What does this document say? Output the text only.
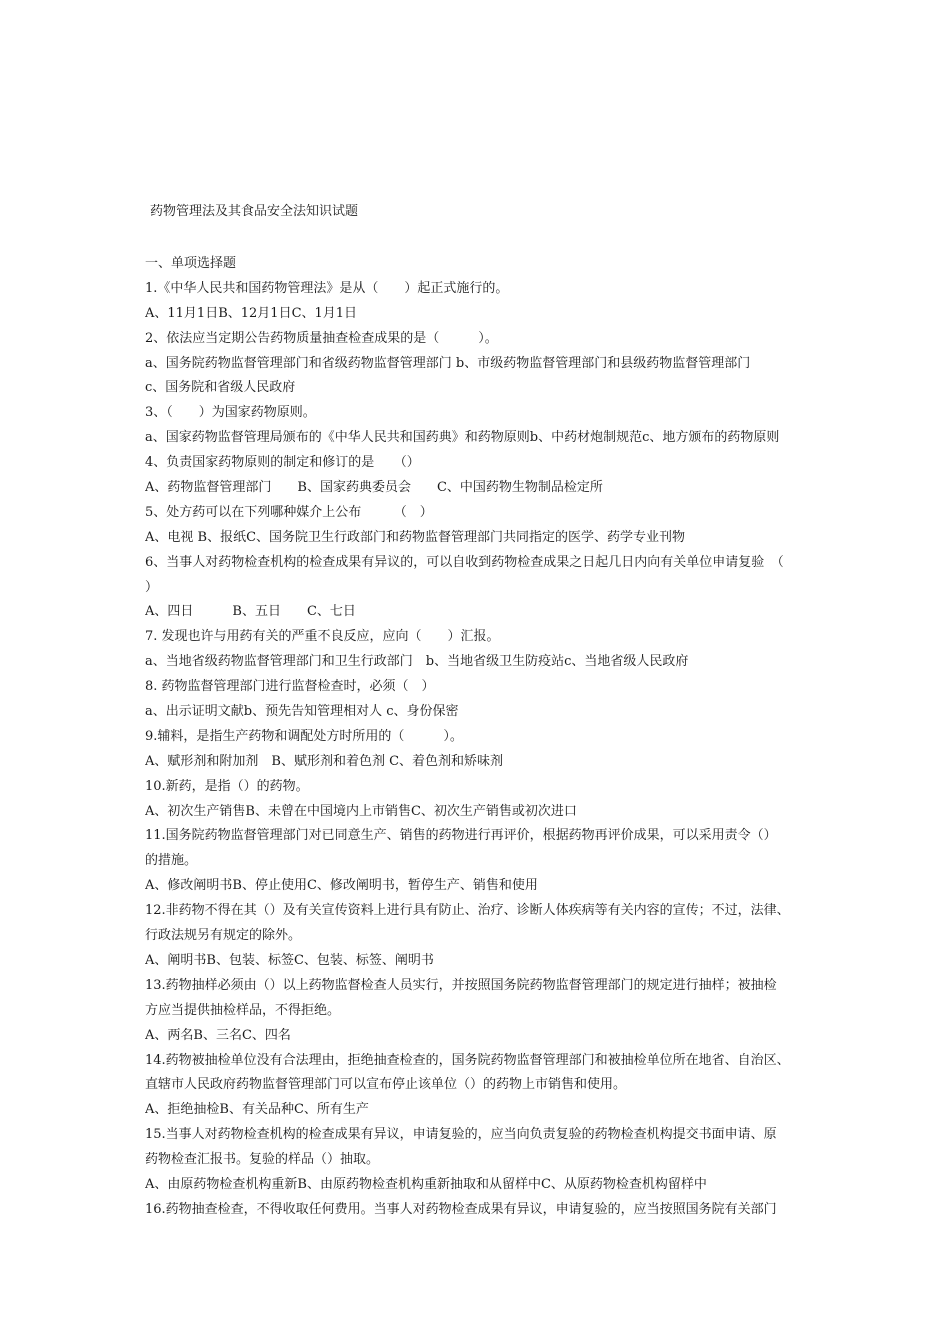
药物管理法及其食品安全法知识试题
一、单项选择题
1.《中华人民共和国药物管理法》是从（　　）起正式施行的。
A、11月1日B、12月1日C、1月1日
2、依法应当定期公告药物质量抽查检查成果的是（　　　）。
a、国务院药物监督管理部门和省级药物监督管理部门 b、市级药物监督管理部门和县级药物监督管理部门
c、国务院和省级人民政府
3、（　　）为国家药物原则。
a、国家药物监督管理局颁布的《中华人民共和国药典》和药物原则b、中药材炮制规范c、地方颁布的药物原则
4、负责国家药物原则的制定和修订的是　　（）
A、药物监督管理部门　　B、国家药典委员会　　C、中国药物生物制品检定所
5、处方药可以在下列哪种媒介上公布　　　（　）
A、电视 B、报纸C、国务院卫生行政部门和药物监督管理部门共同指定的医学、药学专业刊物
6、当事人对药物检查机构的检查成果有异议的，可以自收到药物检查成果之日起几日内向有关单位申请复验　（
）
A、四日　　　B、五日　　C、七日
7. 发现也许与用药有关的严重不良反应，应向（　　）汇报。
a、当地省级药物监督管理部门和卫生行政部门　b、当地省级卫生防疫站c、当地省级人民政府
8. 药物监督管理部门进行监督检查时，必须（　）
a、出示证明文献b、预先告知管理相对人 c、身份保密
9.辅料，是指生产药物和调配处方时所用的（　　　）。
A、赋形剂和附加剂　B、赋形剂和着色剂 C、着色剂和矫味剂
10.新药，是指（）的药物。
A、初次生产销售B、未曾在中国境内上市销售C、初次生产销售或初次进口
11.国务院药物监督管理部门对已同意生产、销售的药物进行再评价，根据药物再评价成果，可以采用责令（）
的措施。
A、修改阐明书B、停止使用C、修改阐明书，暂停生产、销售和使用
12.非药物不得在其（）及有关宣传资料上进行具有防止、治疗、诊断人体疾病等有关内容的宣传；不过，法律、
行政法规另有规定的除外。
A、阐明书B、包装、标签C、包装、标签、阐明书
13.药物抽样必须由（）以上药物监督检查人员实行，并按照国务院药物监督管理部门的规定进行抽样；被抽检
方应当提供抽检样品，不得拒绝。
A、两名B、三名C、四名
14.药物被抽检单位没有合法理由，拒绝抽查检查的，国务院药物监督管理部门和被抽检单位所在地省、自治区、
直辖市人民政府药物监督管理部门可以宣布停止该单位（）的药物上市销售和使用。
A、拒绝抽检B、有关品种C、所有生产
15.当事人对药物检查机构的检查成果有异议，申请复验的，应当向负责复验的药物检查机构提交书面申请、原
药物检查汇报书。复验的样品（）抽取。
A、由原药物检查机构重新B、由原药物检查机构重新抽取和从留样中C、从原药物检查机构留样中
16.药物抽查检查，不得收取任何费用。当事人对药物检查成果有异议，申请复验的，应当按照国务院有关部门
